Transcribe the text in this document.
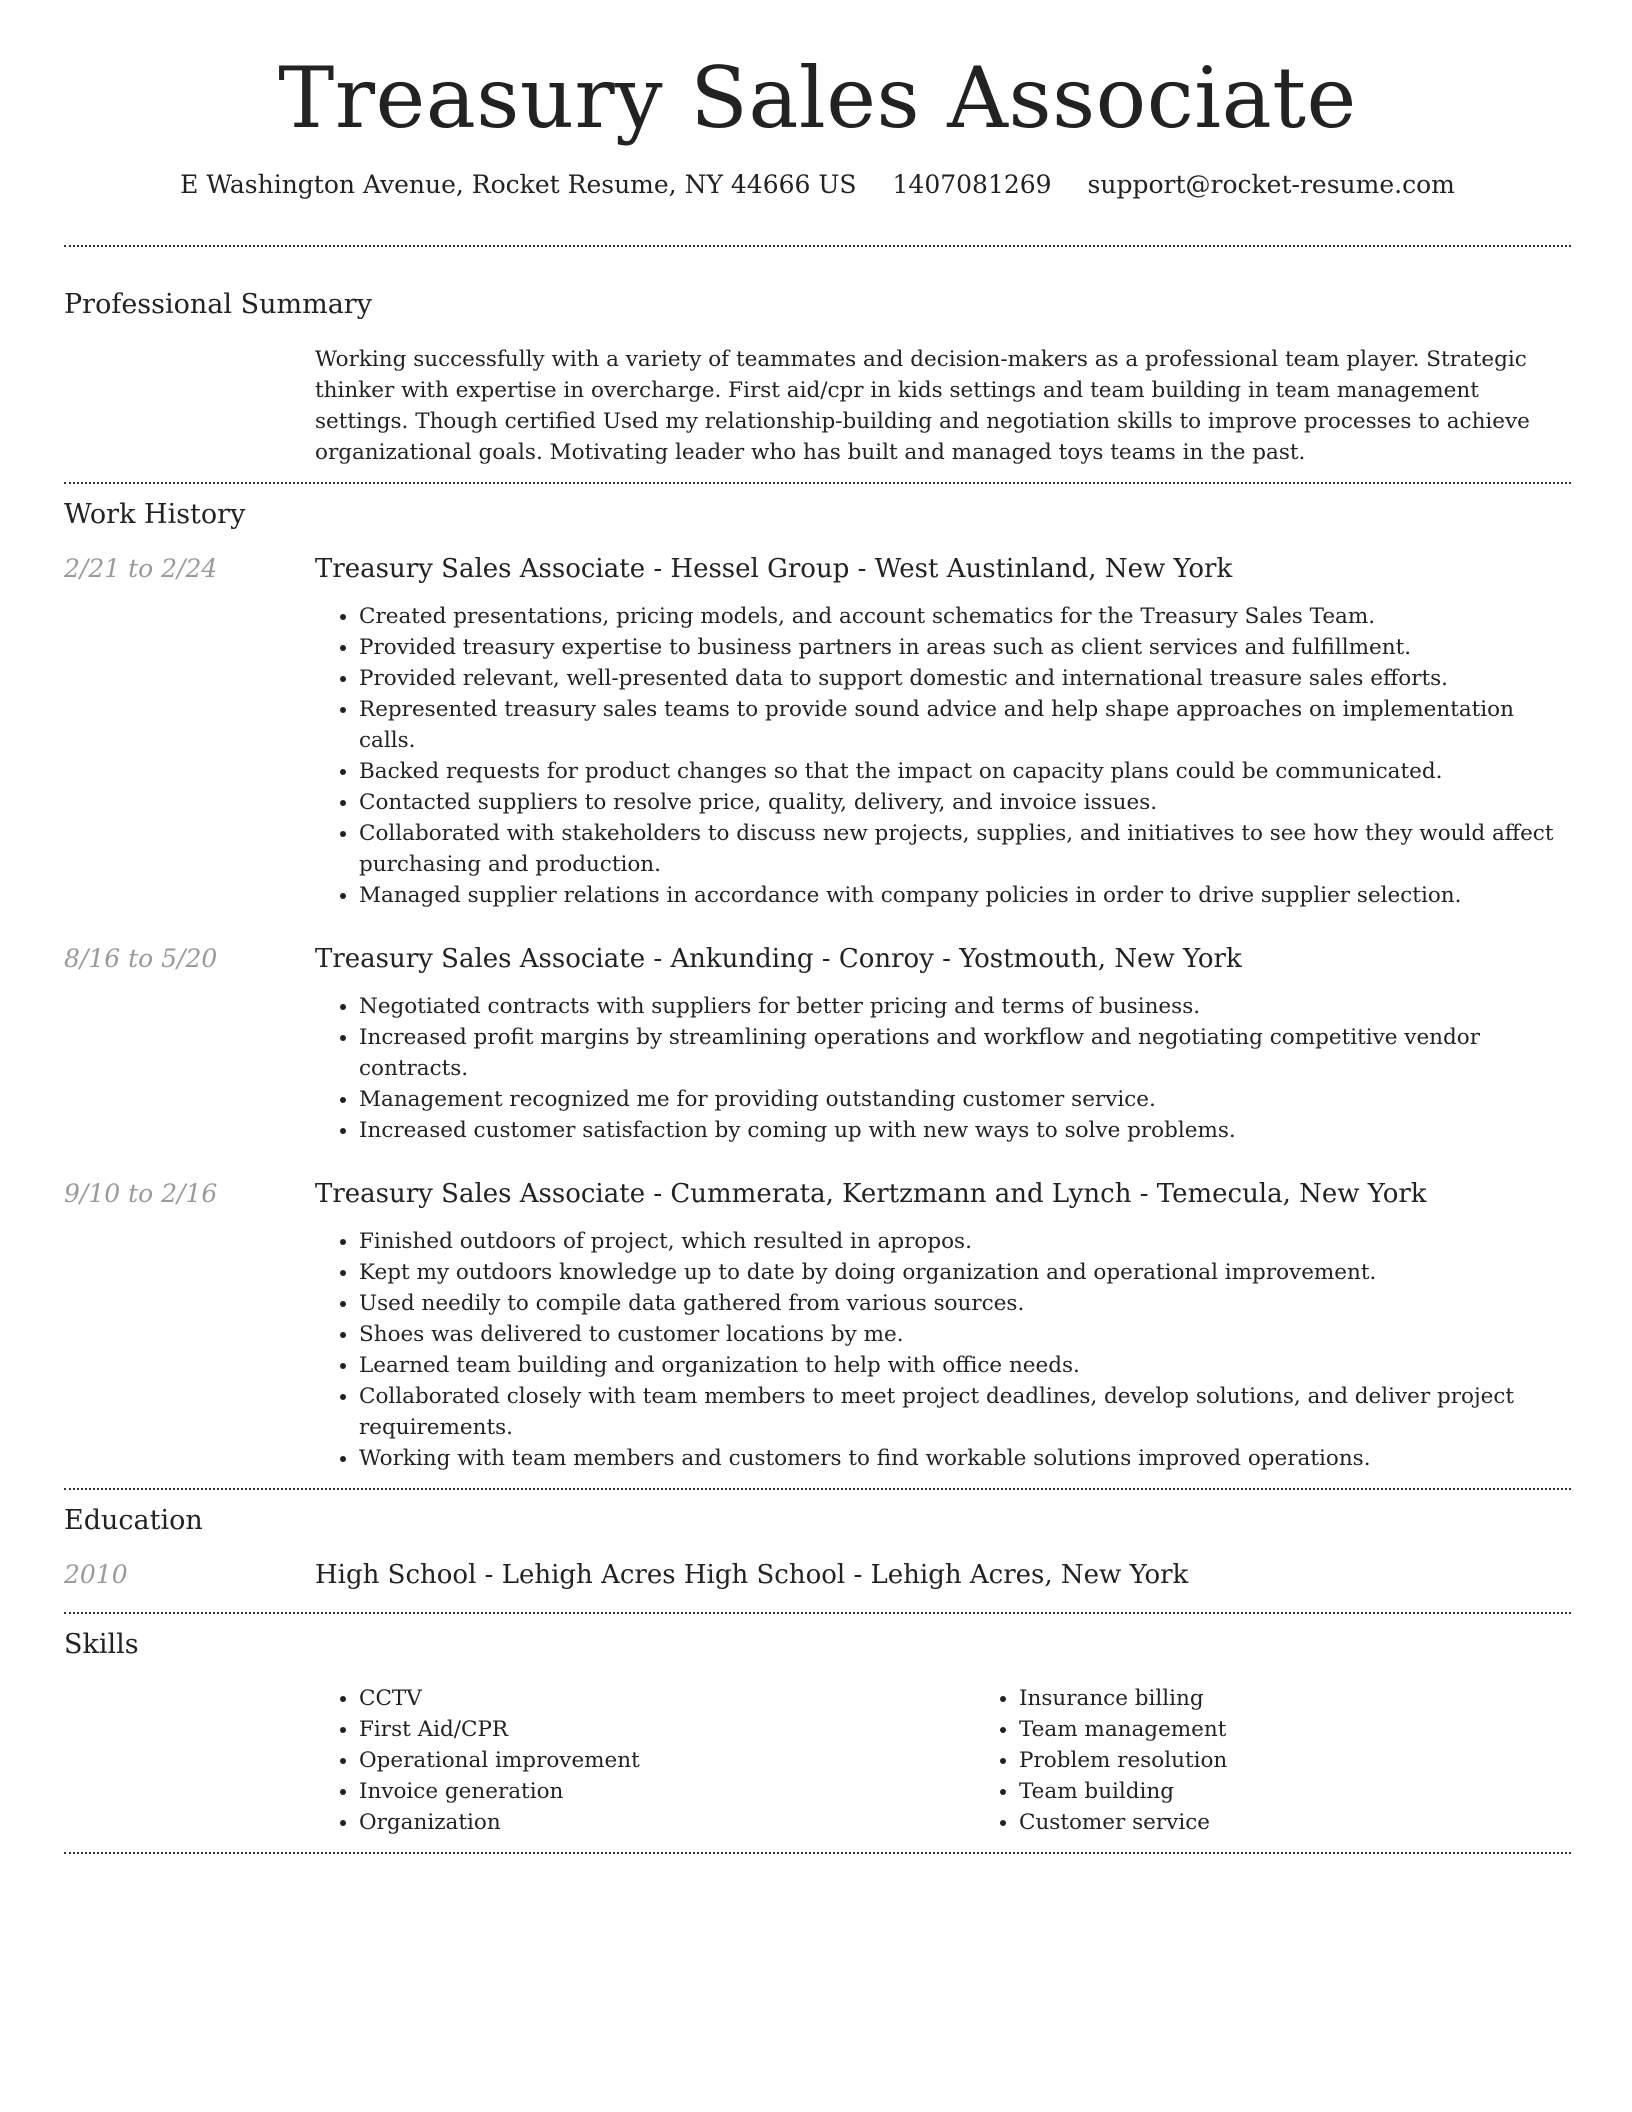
Treasury Sales Associate
E Washington Avenue, Rocket Resume, NY 44666 US 1407081269 support@rocket-resume.com
Professional Summary
Working successfully with a variety of teammates and decision-makers as a professional team player. Strategic thinker with expertise in overcharge. First aid/cpr in kids settings and team building in team management settings. Though certified Used my relationship-building and negotiation skills to improve processes to achieve organizational goals. Motivating leader who has built and managed toys teams in the past.
Work History
2/21 to 2/24	Treasury Sales Associate - Hessel Group - West Austinland, New York
• Created presentations, pricing models, and account schematics for the Treasury Sales Team.
• Provided treasury expertise to business partners in areas such as client services and fulfillment.
• Provided relevant, well-presented data to support domestic and international treasure sales efforts.
• Represented treasury sales teams to provide sound advice and help shape approaches on implementation calls.
• Backed requests for product changes so that the impact on capacity plans could be communicated.
• Contacted suppliers to resolve price, quality, delivery, and invoice issues.
• Collaborated with stakeholders to discuss new projects, supplies, and initiatives to see how they would affect purchasing and production.
• Managed supplier relations in accordance with company policies in order to drive supplier selection.
8/16 to 5/20	Treasury Sales Associate - Ankunding - Conroy - Yostmouth, New York
• Negotiated contracts with suppliers for better pricing and terms of business.
• Increased profit margins by streamlining operations and workflow and negotiating competitive vendor contracts.
• Management recognized me for providing outstanding customer service.
• Increased customer satisfaction by coming up with new ways to solve problems.
9/10 to 2/16	Treasury Sales Associate - Cummerata, Kertzmann and Lynch - Temecula, New York
• Finished outdoors of project, which resulted in apropos.
• Kept my outdoors knowledge up to date by doing organization and operational improvement.
• Used needily to compile data gathered from various sources.
• Shoes was delivered to customer locations by me.
• Learned team building and organization to help with office needs.
• Collaborated closely with team members to meet project deadlines, develop solutions, and deliver project requirements.
• Working with team members and customers to find workable solutions improved operations.
Education
2010	High School - Lehigh Acres High School - Lehigh Acres, New York
Skills
• CCTV
• First Aid/CPR
• Operational improvement
• Invoice generation
• Organization
• Insurance billing
• Team management
• Problem resolution
• Team building
• Customer service
